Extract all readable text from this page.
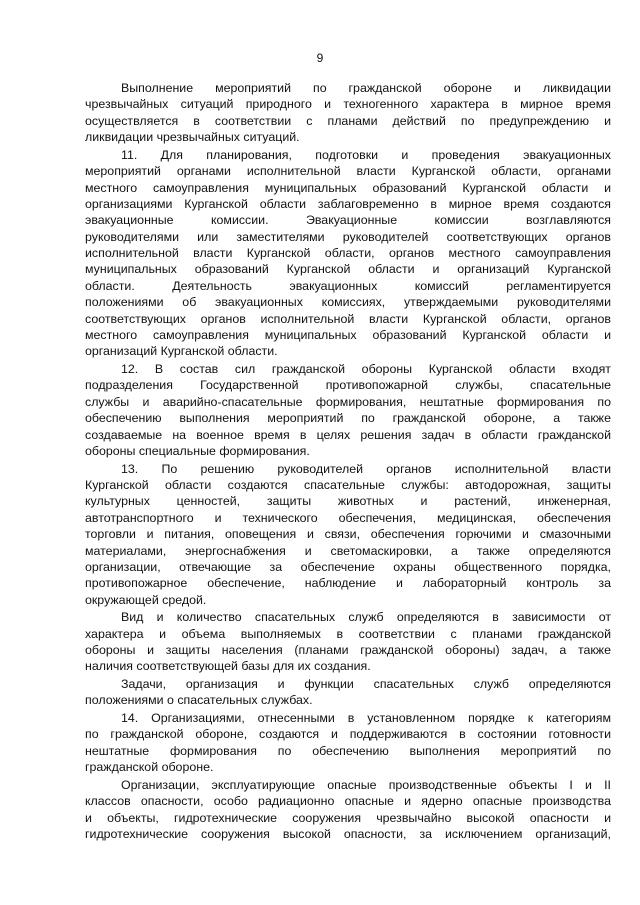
9
Выполнение мероприятий по гражданской обороне и ликвидации
чрезвычайных ситуаций природного и техногенного характера в мирное время
осуществляется в соответствии с планами действий по предупреждению и
ликвидации чрезвычайных ситуаций.
11. Для планирования, подготовки и проведения эвакуационных
мероприятий органами исполнительной власти Курганской области, органами
местного самоуправления муниципальных образований Курганской области и
организациями Курганской области заблаговременно в мирное время создаются
эвакуационные комиссии. Эвакуационные комиссии возглавляются
руководителями или заместителями руководителей соответствующих органов
исполнительной власти Курганской области, органов местного самоуправления
муниципальных образований Курганской области и организаций Курганской
области. Деятельность эвакуационных комиссий регламентируется
положениями об эвакуационных комиссиях, утверждаемыми руководителями
соответствующих органов исполнительной власти Курганской области, органов
местного самоуправления муниципальных образований Курганской области и
организаций Курганской области.
12. В состав сил гражданской обороны Курганской области входят
подразделения Государственной противопожарной службы, спасательные
службы и аварийно-спасательные формирования, нештатные формирования по
обеспечению выполнения мероприятий по гражданской обороне, а также
создаваемые на военное время в целях решения задач в области гражданской
обороны специальные формирования.
13. По решению руководителей органов исполнительной власти
Курганской области создаются спасательные службы: автодорожная, защиты
культурных ценностей, защиты животных и растений, инженерная,
автотранспортного и технического обеспечения, медицинская, обеспечения
торговли и питания, оповещения и связи, обеспечения горючими и смазочными
материалами, энергоснабжения и светомаскировки, а также определяются
организации, отвечающие за обеспечение охраны общественного порядка,
противопожарное обеспечение, наблюдение и лабораторный контроль за
окружающей средой.
Вид и количество спасательных служб определяются в зависимости от
характера и объема выполняемых в соответствии с планами гражданской
обороны и защиты населения (планами гражданской обороны) задач, а также
наличия соответствующей базы для их создания.
Задачи, организация и функции спасательных служб определяются
положениями о спасательных службах.
14. Организациями, отнесенными в установленном порядке к категориям
по гражданской обороне, создаются и поддерживаются в состоянии готовности
нештатные формирования по обеспечению выполнения мероприятий по
гражданской обороне.
Организации, эксплуатирующие опасные производственные объекты I и II
классов опасности, особо радиационно опасные и ядерно опасные производства
и объекты, гидротехнические сооружения чрезвычайно высокой опасности и
гидротехнические сооружения высокой опасности, за исключением организаций,
